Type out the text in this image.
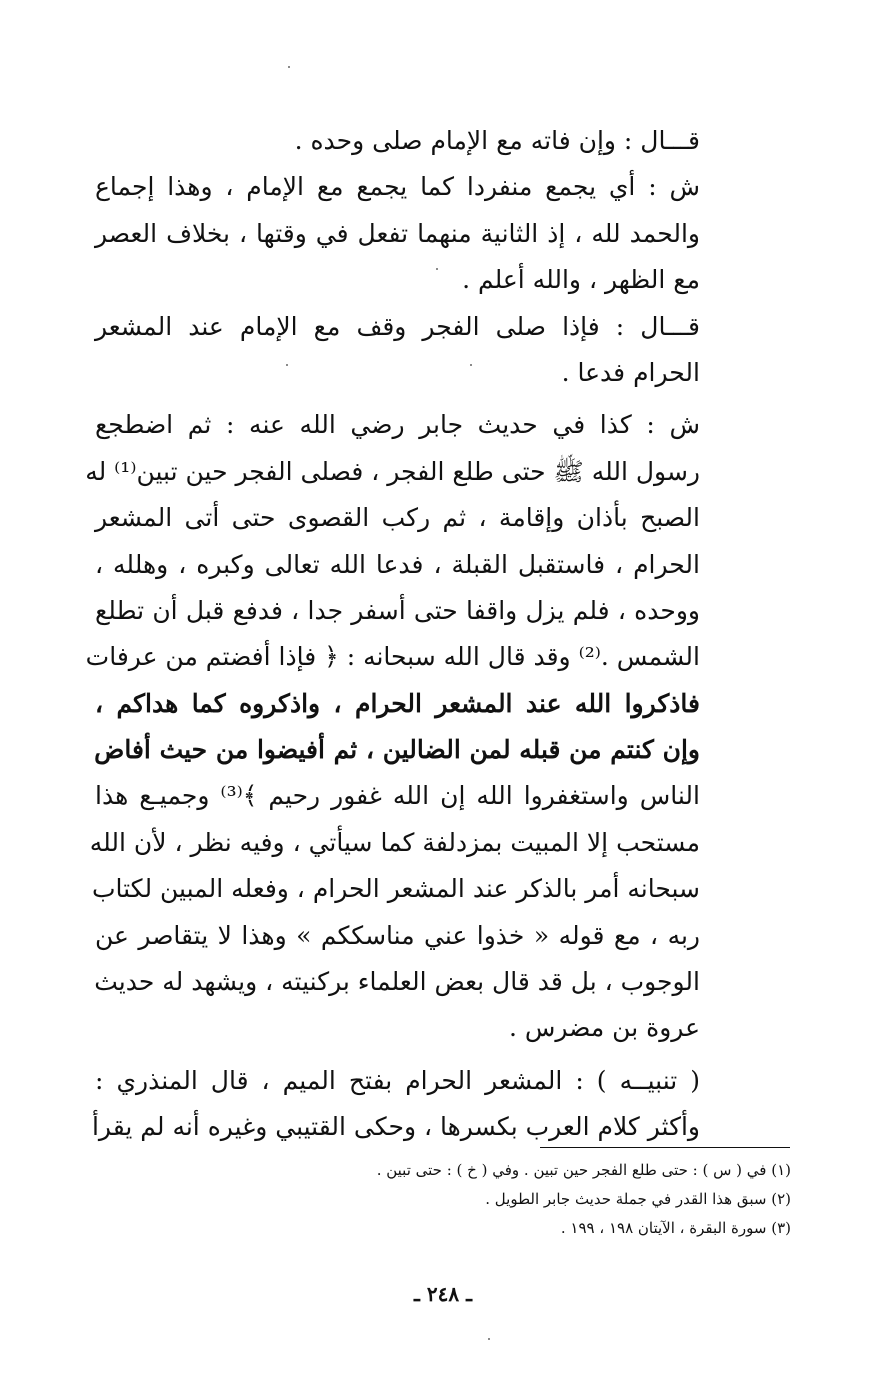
قـــال : وإن فاته مع الإمام صلى وحده .
ش : أي يجمع منفردا كما يجمع مع الإمام ، وهذا إجماع
والحمد لله ، إذ الثانية منهما تفعل في وقتها ، بخلاف العصر
مع الظهر ، والله أعلم .
قـــال : فإذا صلى الفجر وقف مع الإمام عند المشعر
الحرام فدعا .
ش : كذا في حديث جابر رضي الله عنه : ثم اضطجع
رسول الله ﷺ حتى طلع الفجر ، فصلى الفجر حين تبين⁽¹⁾ له
الصبح بأذان وإقامة ، ثم ركب القصوى حتى أتى المشعر
الحرام ، فاستقبل القبلة ، فدعا الله تعالى وكبره ، وهلله ،
ووحده ، فلم يزل واقفا حتى أسفر جدا ، فدفع قبل أن تطلع
الشمس .⁽²⁾ وقد قال الله سبحانه : ﴿ فإذا أفضتم من عرفات
فاذكروا الله عند المشعر الحرام ، واذكروه كما هداكم ،
وإن كنتم من قبله لمن الضالين ، ثم أفيضوا من حيث أفاض
الناس واستغفروا الله إن الله غفور رحيم ﴾⁽³⁾ وجميـع هذا
مستحب إلا المبيت بمزدلفة كما سيأتي ، وفيه نظر ، لأن الله
سبحانه أمر بالذكر عند المشعر الحرام ، وفعله المبين لكتاب
ربه ، مع قوله « خذوا عني مناسككم » وهذا لا يتقاصر عن
الوجوب ، بل قد قال بعض العلماء بركنيته ، ويشهد له حديث
عروة بن مضرس .
( تنبيــه ) : المشعر الحرام بفتح الميم ، قال المنذري :
وأكثر كلام العرب بكسرها ، وحكى القتيبي وغيره أنه لم يقرأ
(١) في ( س ) : حتى طلع الفجر حين تبين . وفي ( خ ) : حتى تبين .
(٢) سبق هذا القدر في جملة حديث جابر الطويل .
(٣) سورة البقرة ، الآيتان ١٩٨ ، ١٩٩ .
ـ ٢٤٨ ـ
